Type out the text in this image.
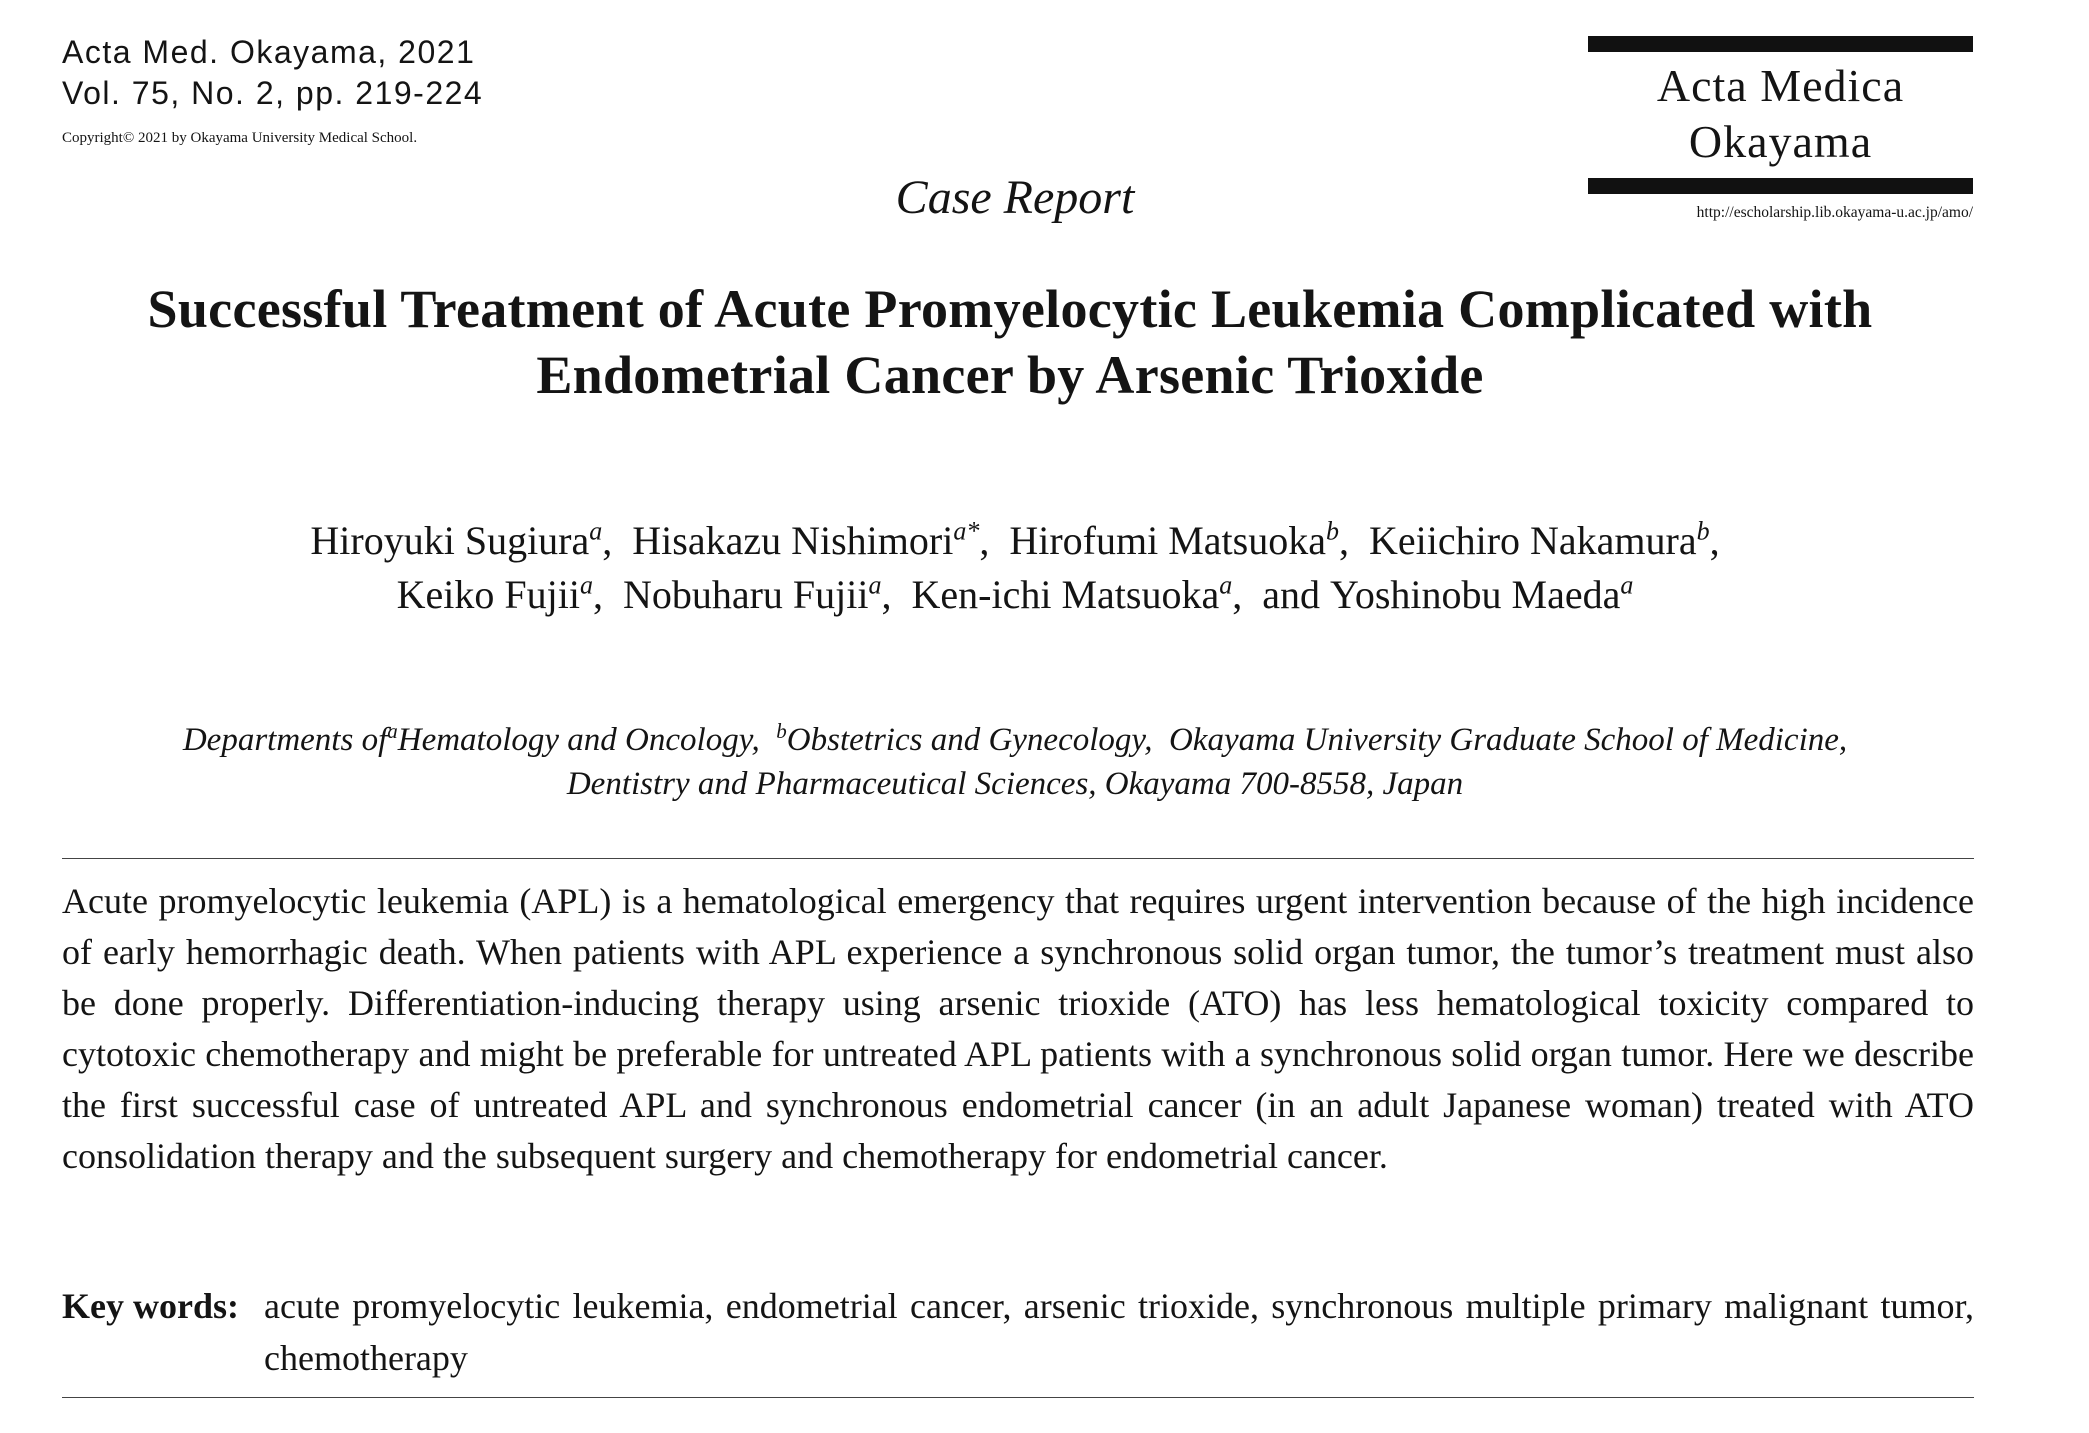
Acta Med. Okayama, 2021
Vol. 75, No. 2, pp. 219-224
Copyright© 2021 by Okayama University Medical School.
Acta Medica
Okayama
http://escholarship.lib.okayama-u.ac.jp/amo/
Case Report
Successful Treatment of Acute Promyelocytic Leukemia Complicated with
Endometrial Cancer by Arsenic Trioxide
Hiroyuki Sugiura$^a$,  Hisakazu Nishimori$^{a*}$,  Hirofumi Matsuoka$^b$,  Keiichiro Nakamura$^b$,
Keiko Fujii$^a$,  Nobuharu Fujii$^a$,  Ken-ichi Matsuoka$^a$,  and Yoshinobu Maeda$^a$
Departments $of^aHematology$ and Oncology, $^b$Obstetrics and Gynecology, Okayama University Graduate School of Medicine,
Dentistry and Pharmaceutical Sciences, Okayama 700-8558, Japan
Acute promyelocytic leukemia (APL) is a hematological emergency that requires urgent intervention because of the high incidence of early hemorrhagic death. When patients with APL experience a synchronous solid organ tumor, the tumor’s treatment must also be done properly. Differentiation-inducing therapy using arsenic trioxide (ATO) has less hematological toxicity compared to cytotoxic chemotherapy and might be preferable for untreated APL patients with a synchronous solid organ tumor. Here we describe the first successful case of untreated APL and synchronous endometrial cancer (in an adult Japanese woman) treated with ATO consolidation therapy and the subsequent surgery and chemotherapy for endometrial cancer.
Key words: acute promyelocytic leukemia, endometrial cancer, arsenic trioxide, synchronous multiple primary malignant tumor, chemotherapy
